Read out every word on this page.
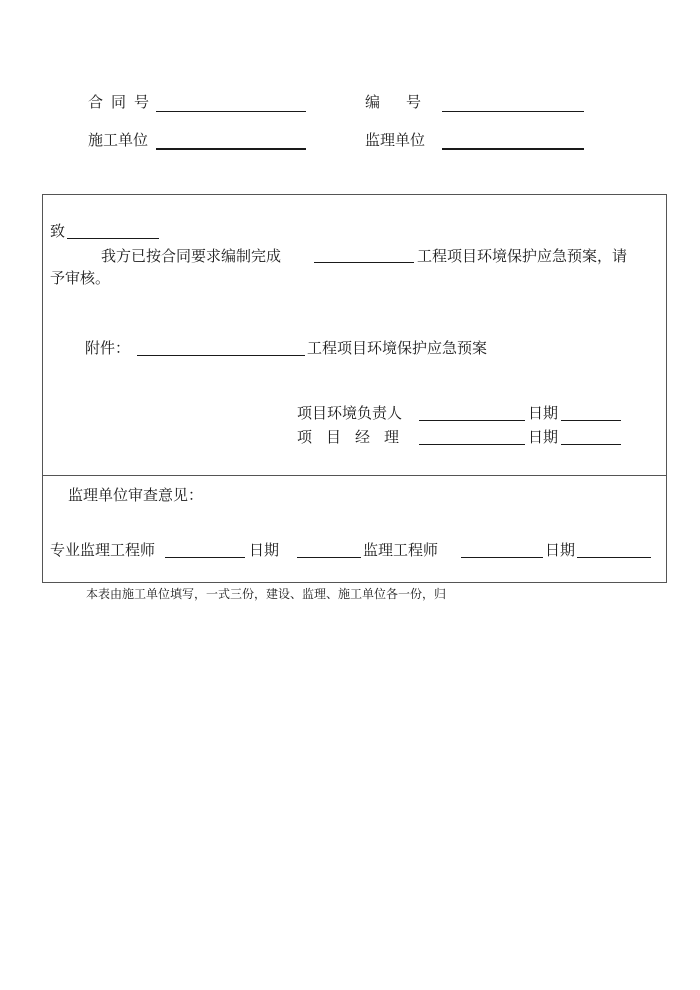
合同号	编号
施工单位	监理单位
致
我方已按合同要求编制完成	工程项目环境保护应急预案，请
予审核。
附件：	工程项目环境保护应急预案
项目环境负责人	日期
项目经理	日期
监理单位审查意见：
专业监理工程师	日期	监理工程师	日期
本表由施工单位填写，一式三份，建设、监理、施工单位各一份，归
